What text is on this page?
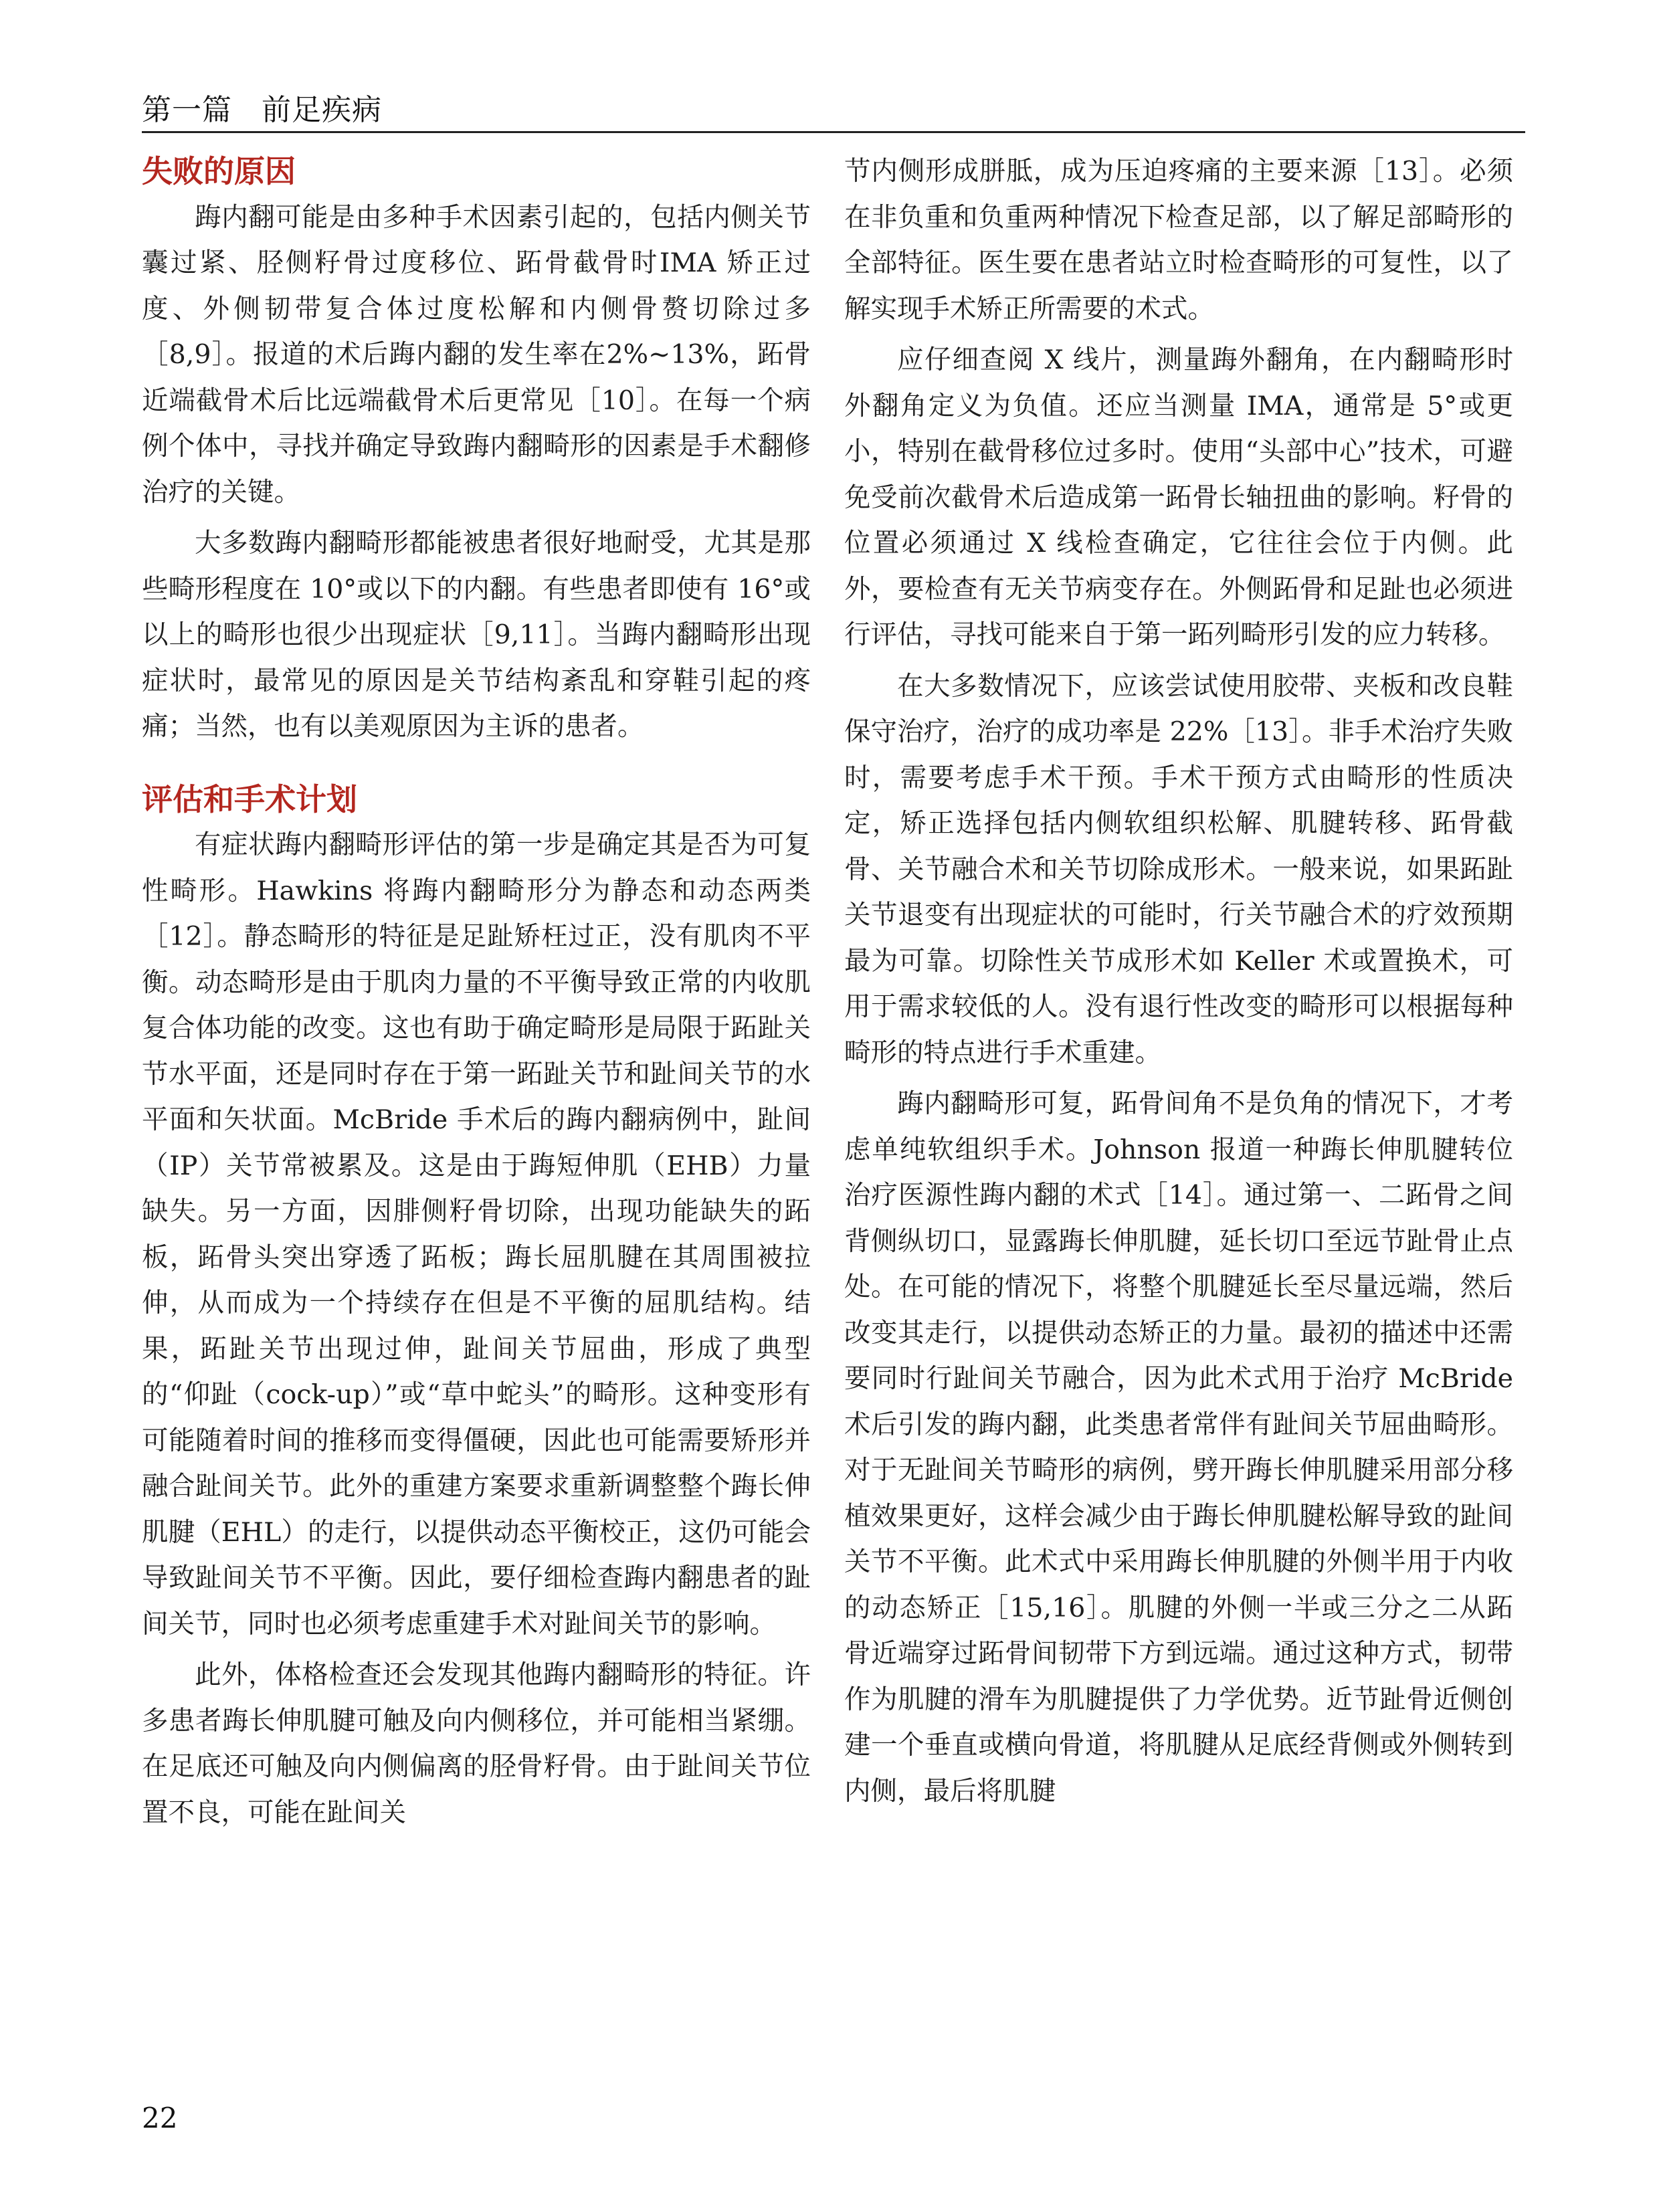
第一篇 前足疾病
失败的原因

踇内翻可能是由多种手术因素引起的，包括内侧关节囊过紧、胫侧籽骨过度移位、跖骨截骨时IMA 矫正过度、外侧韧带复合体过度松解和内侧骨赘切除过多［8,9］。报道的术后踇内翻的发生率在2%~13%，跖骨近端截骨术后比远端截骨术后更常见［10］。在每一个病例个体中，寻找并确定导致踇内翻畸形的因素是手术翻修治疗的关键。

大多数踇内翻畸形都能被患者很好地耐受，尤其是那些畸形程度在 10°或以下的内翻。有些患者即使有 16°或以上的畸形也很少出现症状［9,11］。当踇内翻畸形出现症状时，最常见的原因是关节结构紊乱和穿鞋引起的疼痛；当然，也有以美观原因为主诉的患者。

评估和手术计划

有症状踇内翻畸形评估的第一步是确定其是否为可复性畸形。Hawkins 将踇内翻畸形分为静态和动态两类［12］。静态畸形的特征是足趾矫枉过正，没有肌肉不平衡。动态畸形是由于肌肉力量的不平衡导致正常的内收肌复合体功能的改变。这也有助于确定畸形是局限于跖趾关节水平面，还是同时存在于第一跖趾关节和趾间关节的水平面和矢状面。McBride 手术后的踇内翻病例中，趾间（IP）关节常被累及。这是由于踇短伸肌（EHB）力量缺失。另一方面，因腓侧籽骨切除，出现功能缺失的跖板，跖骨头突出穿透了跖板；踇长屈肌腱在其周围被拉伸，从而成为一个持续存在但是不平衡的屈肌结构。结果，跖趾关节出现过伸，趾间关节屈曲，形成了典型的“仰趾（cock-up）”或“草中蛇头”的畸形。这种变形有可能随着时间的推移而变得僵硬，因此也可能需要矫形并融合趾间关节。此外的重建方案要求重新调整整个踇长伸肌腱（EHL）的走行，以提供动态平衡校正，这仍可能会导致趾间关节不平衡。因此，要仔细检查踇内翻患者的趾间关节，同时也必须考虑重建手术对趾间关节的影响。

此外，体格检查还会发现其他踇内翻畸形的特征。许多患者踇长伸肌腱可触及向内侧移位，并可能相当紧绷。在足底还可触及向内侧偏离的胫骨籽骨。由于趾间关节位置不良，可能在趾间关

节内侧形成胼胝，成为压迫疼痛的主要来源［13］。必须在非负重和负重两种情况下检查足部，以了解足部畸形的全部特征。医生要在患者站立时检查畸形的可复性，以了解实现手术矫正所需要的术式。

应仔细查阅 X 线片，测量踇外翻角，在内翻畸形时外翻角定义为负值。还应当测量 IMA，通常是 5°或更小，特别在截骨移位过多时。使用“头部中心”技术，可避免受前次截骨术后造成第一跖骨长轴扭曲的影响。籽骨的位置必须通过 X 线检查确定，它往往会位于内侧。此外，要检查有无关节病变存在。外侧跖骨和足趾也必须进行评估，寻找可能来自于第一跖列畸形引发的应力转移。

在大多数情况下，应该尝试使用胶带、夹板和改良鞋保守治疗，治疗的成功率是 22%［13］。非手术治疗失败时，需要考虑手术干预。手术干预方式由畸形的性质决定，矫正选择包括内侧软组织松解、肌腱转移、跖骨截骨、关节融合术和关节切除成形术。一般来说，如果跖趾关节退变有出现症状的可能时，行关节融合术的疗效预期最为可靠。切除性关节成形术如 Keller 术或置换术，可用于需求较低的人。没有退行性改变的畸形可以根据每种畸形的特点进行手术重建。

踇内翻畸形可复，跖骨间角不是负角的情况下，才考虑单纯软组织手术。Johnson 报道一种踇长伸肌腱转位治疗医源性踇内翻的术式［14］。通过第一、二跖骨之间背侧纵切口，显露踇长伸肌腱，延长切口至远节趾骨止点处。在可能的情况下，将整个肌腱延长至尽量远端，然后改变其走行，以提供动态矫正的力量。最初的描述中还需要同时行趾间关节融合，因为此术式用于治疗 McBride 术后引发的踇内翻，此类患者常伴有趾间关节屈曲畸形。对于无趾间关节畸形的病例，劈开踇长伸肌腱采用部分移植效果更好，这样会减少由于踇长伸肌腱松解导致的趾间关节不平衡。此术式中采用踇长伸肌腱的外侧半用于内收的动态矫正［15,16］。肌腱的外侧一半或三分之二从跖骨近端穿过跖骨间韧带下方到远端。通过这种方式，韧带作为肌腱的滑车为肌腱提供了力学优势。近节趾骨近侧创建一个垂直或横向骨道，将肌腱从足底经背侧或外侧转到内侧，最后将肌腱

22
